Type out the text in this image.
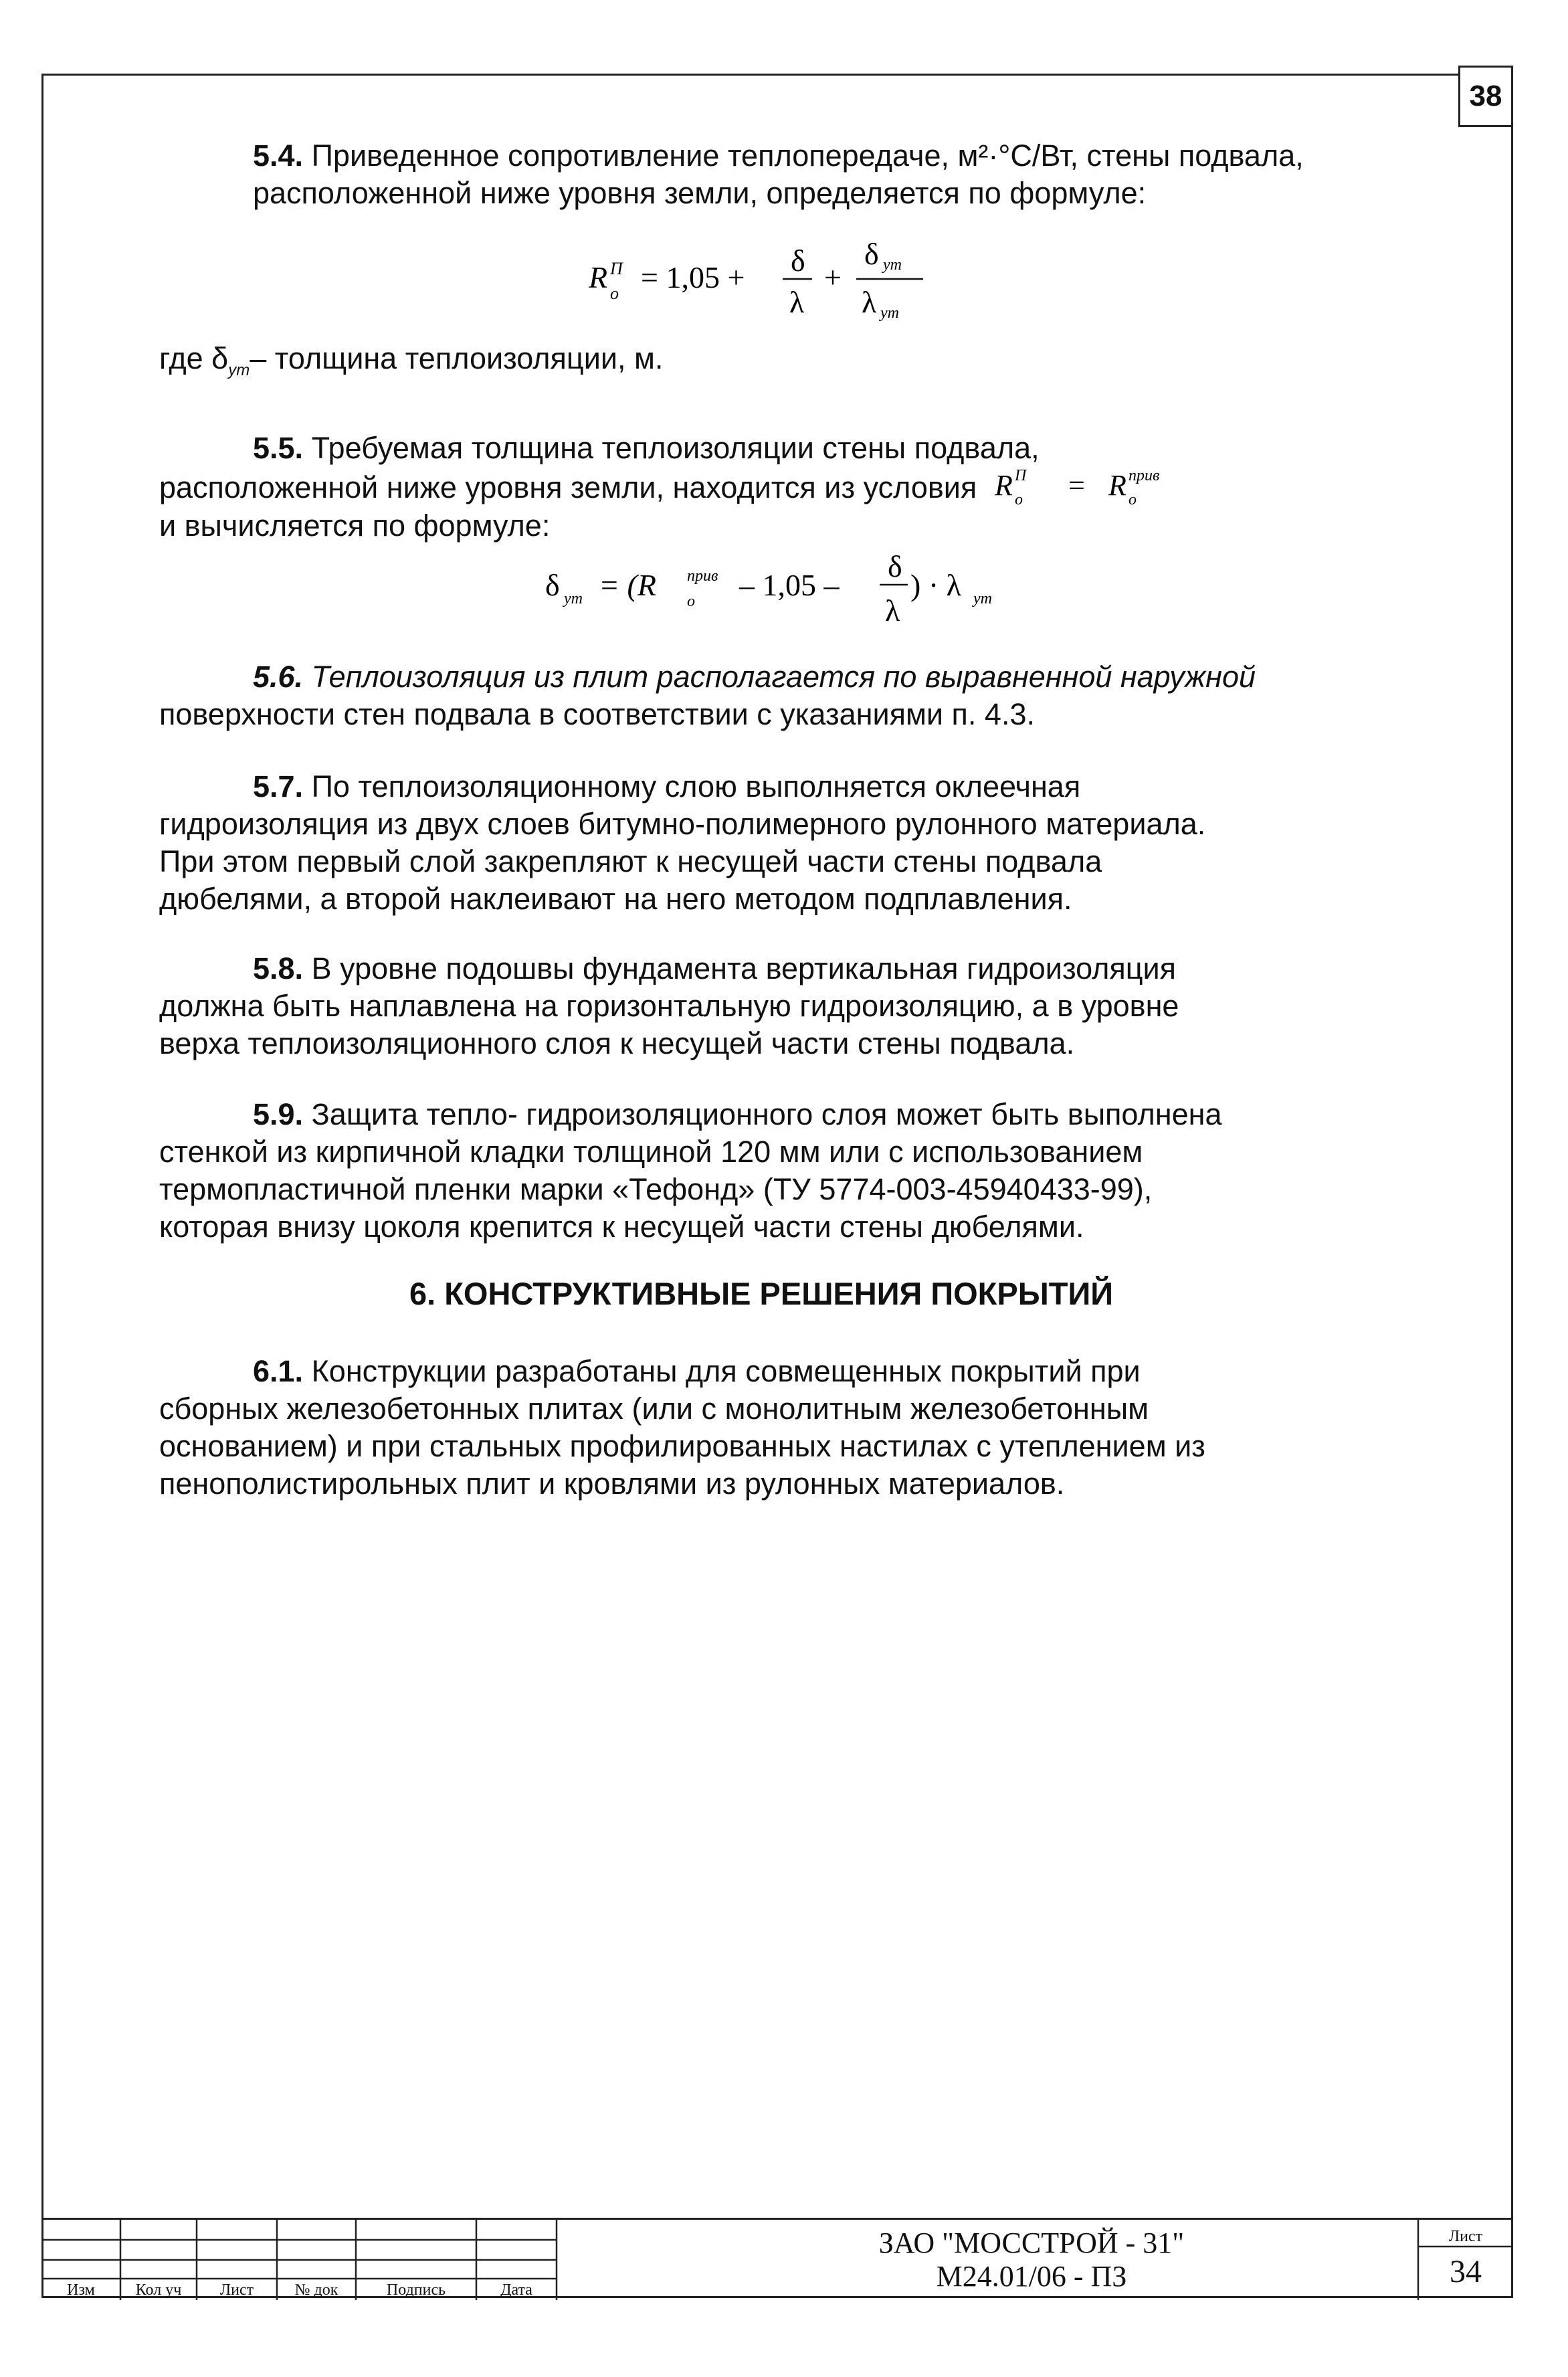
38
5.4. Приведенное сопротивление теплопередаче, м²·°С/Вт, стены подвала, расположенной ниже уровня земли, определяется по формуле:
R П
о = 1,05 + δ
λ
+
δ ут
λ ут
где $\delta_{ут}-$ толщина теплоизоляции, м.
5.5. Требуемая толщина теплоизоляции стены подвала,
расположенной ниже уровня земли, находится из условия R П
о = R прив
о
и вычисляется по формуле:
δ ут = (R прив
о – 1,05 –
δ
λ
) · λ ут
5.6. Теплоизоляция из плит располагается по выравненной наружной
поверхности стен подвала в соответствии с указаниями п. 4.3.
5.7. По теплоизоляционному слою выполняется оклеечная
гидроизоляция из двух слоев битумно-полимерного рулонного материала.
При этом первый слой закрепляют к несущей части стены подвала
дюбелями, а второй наклеивают на него методом подплавления.
5.8. В уровне подошвы фундамента вертикальная гидроизоляция
должна быть наплавлена на горизонтальную гидроизоляцию, а в уровне
верха теплоизоляционного слоя к несущей части стены подвала.
5.9. Защита тепло- гидроизоляционного слоя может быть выполнена
стенкой из кирпичной кладки толщиной 120 мм или с использованием
термопластичной пленки марки «Тефонд» (ТУ 5774-003-45940433-99),
которая внизу цоколя крепится к несущей части стены дюбелями.
6. КОНСТРУКТИВНЫЕ РЕШЕНИЯ ПОКРЫТИЙ
6.1. Конструкции разработаны для совмещенных покрытий при
сборных железобетонных плитах (или с монолитным железобетонным
основанием) и при стальных профилированных настилах с утеплением из
пенополистирольных плит и кровлями из рулонных материалов.
Изм	Кол уч	Лист	№ док	Подпись	Дата
ЗАО "МОССТРОЙ - 31"
М24.01/06 - ПЗ
Лист
34
